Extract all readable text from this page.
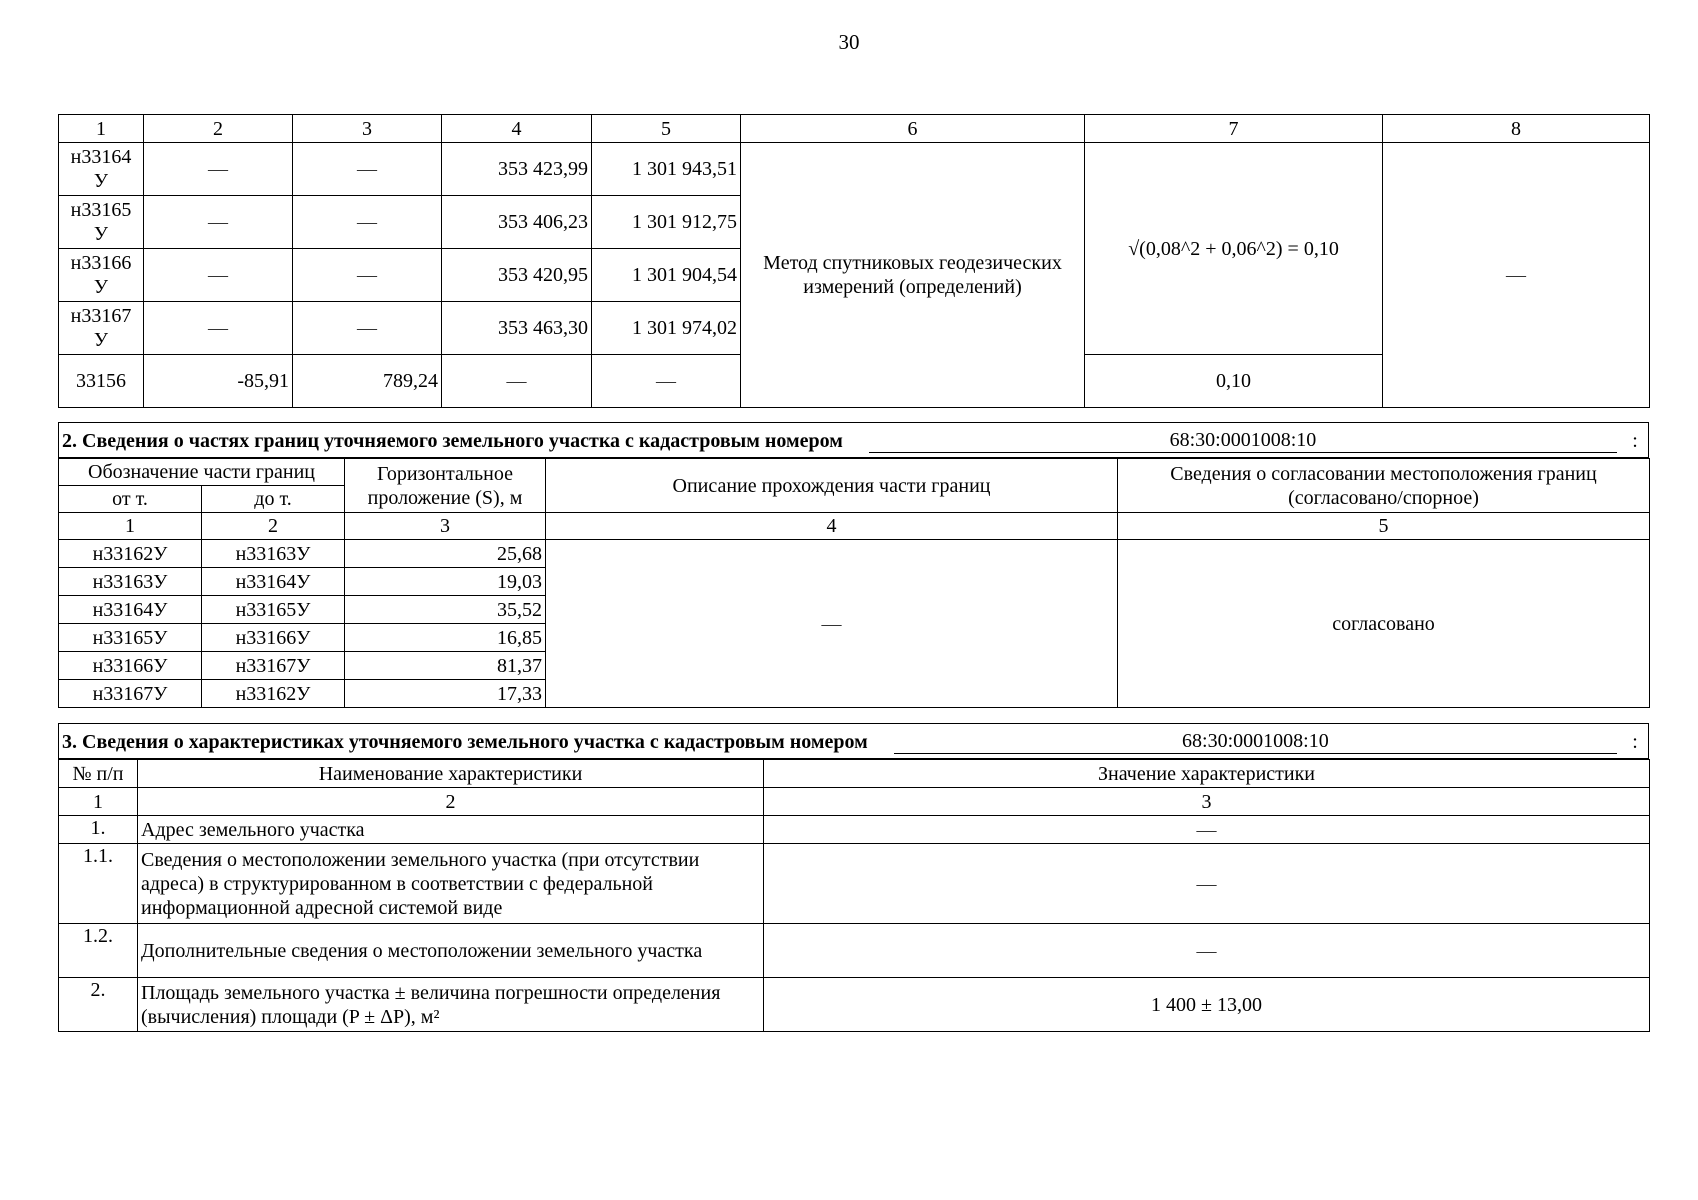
30
1	2	3	4	5	6	7	8
н33164
У	—	—	353 423,99	1 301 943,51	Метод спутниковых геодезических измерений (определений)	√(0,08^2 + 0,06^2) = 0,10	—
н33165
У	—	—	353 406,23	1 301 912,75			
н33166
У	—	—	353 420,95	1 301 904,54			
н33167
У	—	—	353 463,30	1 301 974,02			
33156	-85,91	789,24	—	—		0,10	
2. Сведения о частях границ уточняемого земельного участка с кадастровым номером	68:30:0001008:10	:
Обозначение части границ		Горизонтальное проложение (S), м	Описание прохождения части границ	Сведения о согласовании местоположения границ (согласовано/спорное)
от т.	до т.			
1	2	3	4	5
н33162У	н33163У	25,68	—	согласовано
н33163У	н33164У	19,03		
н33164У	н33165У	35,52		
н33165У	н33166У	16,85		
н33166У	н33167У	81,37		
н33167У	н33162У	17,33		
3. Сведения о характеристиках уточняемого земельного участка с кадастровым номером	68:30:0001008:10	:
№ п/п	Наименование характеристики	Значение характеристики
1	2	3
1.	Адрес земельного участка	—
1.1.	Сведения о местоположении земельного участка (при отсутствии адреса) в структурированном в соответствии с федеральной информационной адресной системой виде	—
1.2.	Дополнительные сведения о местоположении земельного участка	—
2.	Площадь земельного участка ± величина погрешности определения (вычисления) площади (P ± ΔP), м²	1 400 ± 13,00
